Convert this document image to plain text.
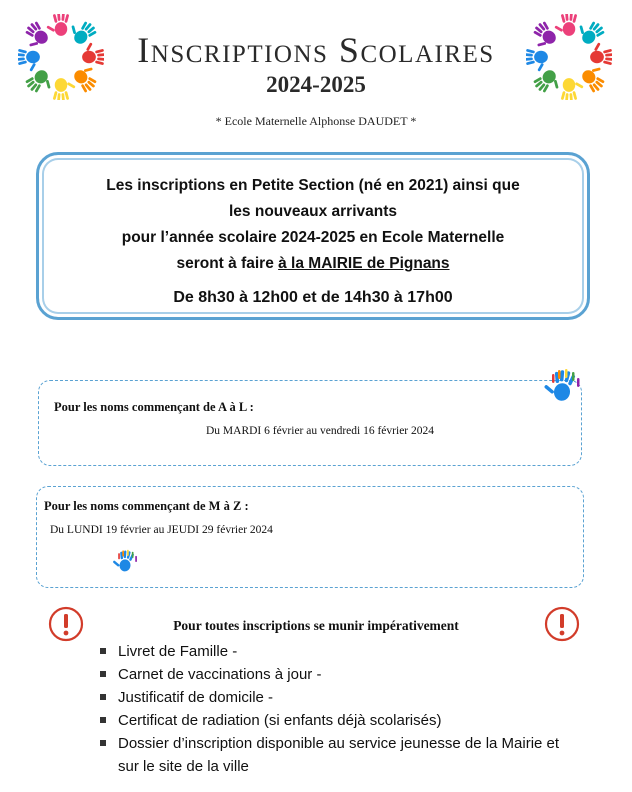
Inscriptions Scolaires
2024-2025
* Ecole Maternelle Alphonse DAUDET *
Les inscriptions en Petite Section (né en 2021) ainsi que
les nouveaux arrivants
pour l’année scolaire 2024-2025 en Ecole Maternelle
seront à faire à la MAIRIE de Pignans
De 8h30 à 12h00 et de 14h30 à 17h00
Pour les noms commençant de A à L :
Du MARDI 6 février au vendredi 16 février 2024
Pour les noms commençant de M à Z :
Du LUNDI 19 février au JEUDI 29 février 2024
Pour toutes inscriptions se munir impérativement
Livret de Famille -
Carnet de vaccinations à jour -
Justificatif de domicile -
Certificat de radiation (si enfants déjà scolarisés)
Dossier d’inscription disponible au service jeunesse de la Mairie et sur le site de la ville
